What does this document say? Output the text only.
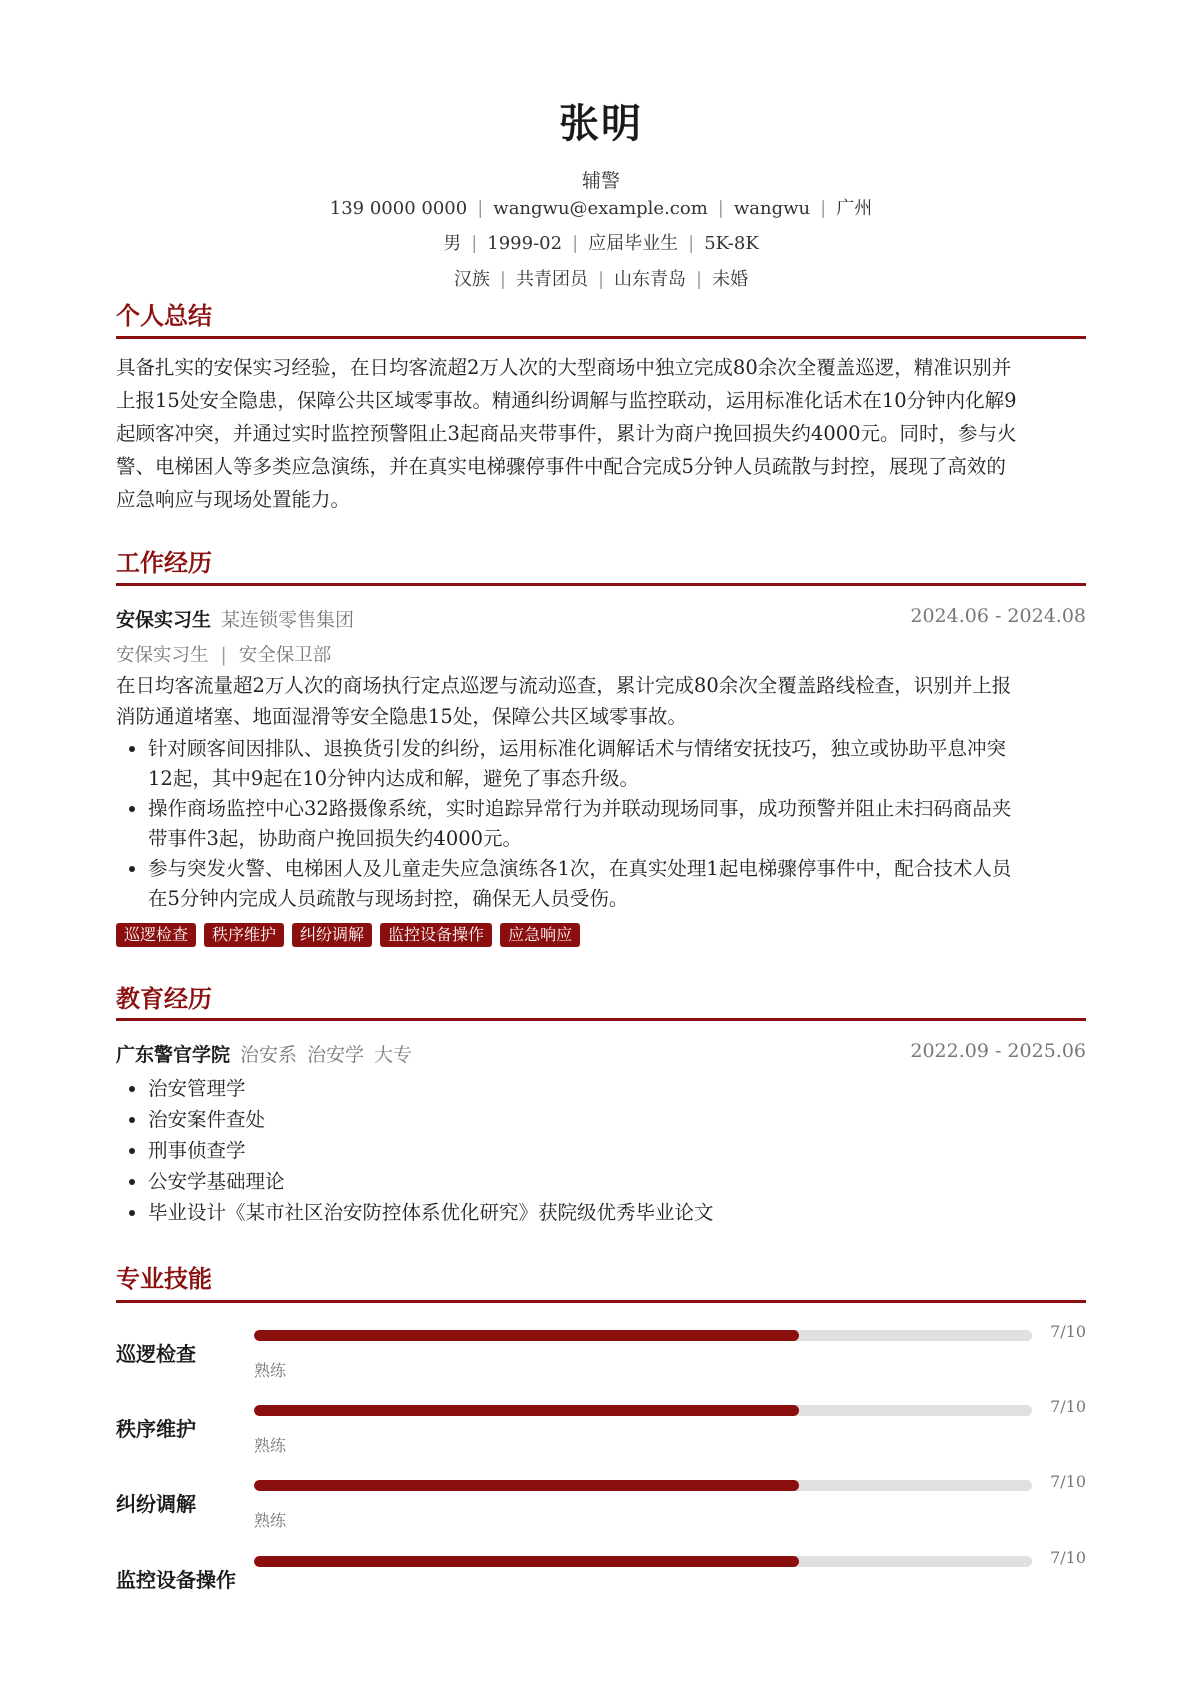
张明
辅警
139 0000 0000 | wangwu@example.com | wangwu | 广州
男 | 1999-02 | 应届毕业生 | 5K-8K
汉族 | 共青团员 | 山东青岛 | 未婚
个人总结
具备扎实的安保实习经验，在日均客流超2万人次的大型商场中独立完成80余次全覆盖巡逻，精准识别并
上报15处安全隐患，保障公共区域零事故。精通纠纷调解与监控联动，运用标准化话术在10分钟内化解9
起顾客冲突，并通过实时监控预警阻止3起商品夹带事件，累计为商户挽回损失约4000元。同时，参与火
警、电梯困人等多类应急演练，并在真实电梯骤停事件中配合完成5分钟人员疏散与封控，展现了高效的
应急响应与现场处置能力。
工作经历
安保实习生 某连锁零售集团	2024.06 - 2024.08
安保实习生 | 安全保卫部
在日均客流量超2万人次的商场执行定点巡逻与流动巡查，累计完成80余次全覆盖路线检查，识别并上报
消防通道堵塞、地面湿滑等安全隐患15处，保障公共区域零事故。
• 针对顾客间因排队、退换货引发的纠纷，运用标准化调解话术与情绪安抚技巧，独立或协助平息冲突
12起，其中9起在10分钟内达成和解，避免了事态升级。
• 操作商场监控中心32路摄像系统，实时追踪异常行为并联动现场同事，成功预警并阻止未扫码商品夹
带事件3起，协助商户挽回损失约4000元。
• 参与突发火警、电梯困人及儿童走失应急演练各1次，在真实处理1起电梯骤停事件中，配合技术人员
在5分钟内完成人员疏散与现场封控，确保无人员受伤。
巡逻检查	秩序维护	纠纷调解	监控设备操作	应急响应
教育经历
广东警官学院 治安系 治安学 大专	2022.09 - 2025.06
• 治安管理学
• 治安案件查处
• 刑事侦查学
• 公安学基础理论
• 毕业设计《某市社区治安防控体系优化研究》获院级优秀毕业论文
专业技能
巡逻检查
7/10
熟练
秩序维护
7/10
熟练
纠纷调解
7/10
熟练
监控设备操作
7/10
